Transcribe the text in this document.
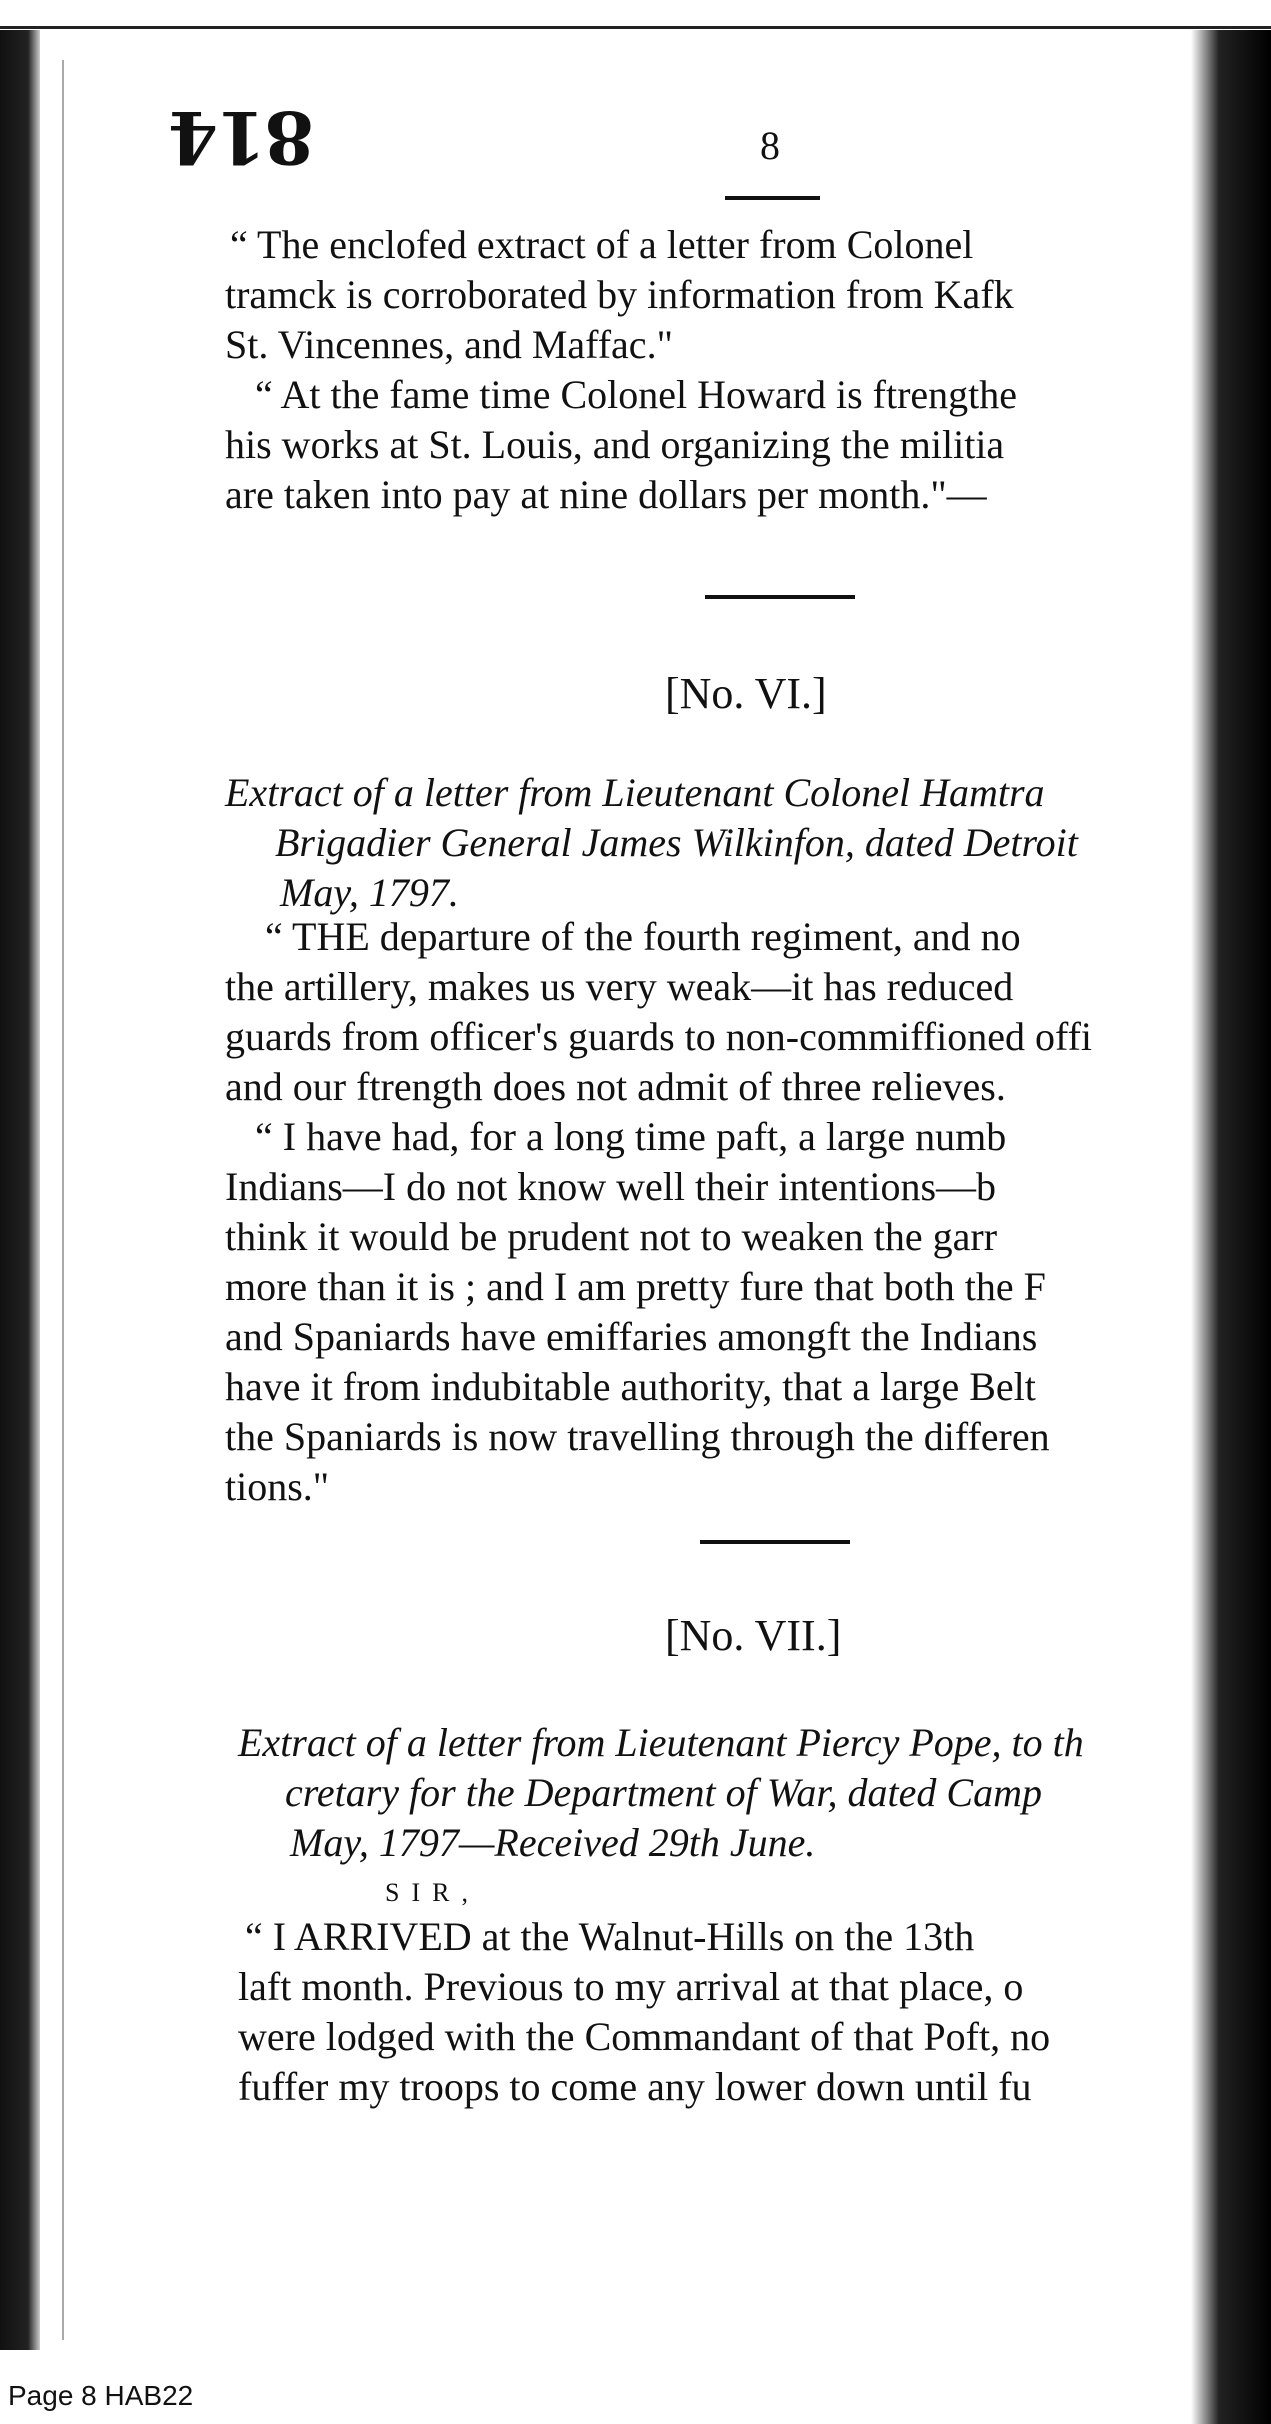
814	8
“ The enclofed extract of a letter from Colonel
tramck is corroborated by information from Kafk
St. Vincennes, and Maffac."
“ At the fame time Colonel Howard is ftrengthe
his works at St. Louis, and organizing the militia
are taken into pay at nine dollars per month."—
[No. VI.]
Extract of a letter from Lieutenant Colonel Hamtra
Brigadier General James Wilkinfon, dated Detroit
May, 1797.
“ THE departure of the fourth regiment, and no
the artillery, makes us very weak—it has reduced
guards from officer's guards to non-commiffioned offi
and our ftrength does not admit of three relieves.
“ I have had, for a long time paft, a large numb
Indians—I do not know well their intentions—b
think it would be prudent not to weaken the garr
more than it is ; and I am pretty fure that both the F
and Spaniards have emiffaries amongft the Indians
have it from indubitable authority, that a large Belt
the Spaniards is now travelling through the differen
tions."
[No. VII.]
Extract of a letter from Lieutenant Piercy Pope, to th
cretary for the Department of War, dated Camp
May, 1797—Received 29th June.
SIR,
“ I ARRIVED at the Walnut-Hills on the 13th
laft month. Previous to my arrival at that place, o
were lodged with the Commandant of that Poft, no
fuffer my troops to come any lower down until fu
Page 8 HAB22
